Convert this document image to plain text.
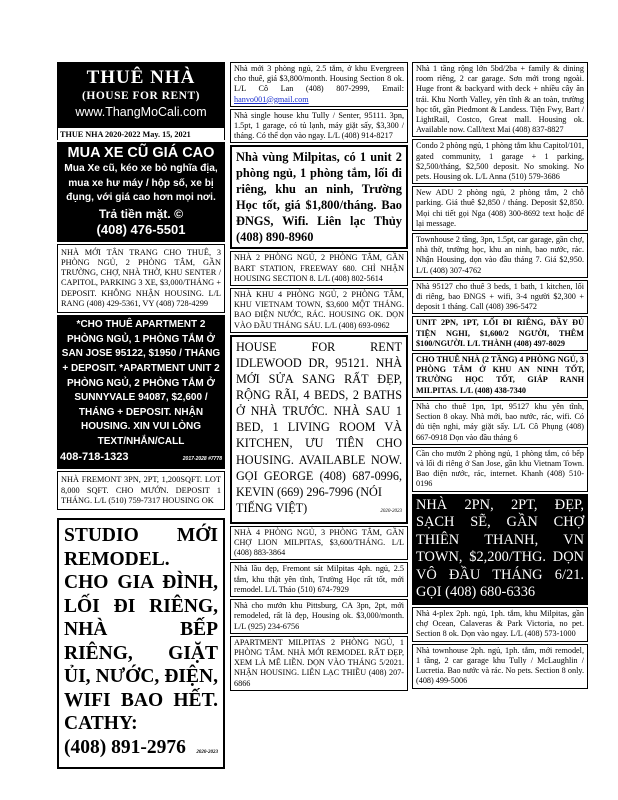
THUÊ NHÀ
(HOUSE FOR RENT)
www.ThangMoCali.com
THUE NHA 2020-2022 May. 15, 2021
MUA XE CŨ GIÁ CAO
Mua Xe cũ, kéo xe bỏ nghĩa địa, mua xe hư máy / hộp số, xe bị đụng, với giá cao hơn mọi nơi.
Trả tiền mặt. ©
(408) 476-5501
NHÀ MỚI TÂN TRANG CHO THUÊ, 3 PHÒNG NGỦ, 2 PHÒNG TẮM, GẦN TRƯỜNG, CHỢ, NHÀ THỜ, KHU SENTER / CAPITOL, PARKING 3 XE, $3,000/THÁNG + DEPOSIT. KHÔNG NHẬN HOUSING. L/L RANG (408) 429-5361, VY (408) 728-4299
*CHO THUÊ APARTMENT 2 PHÒNG NGỦ, 1 PHÒNG TẮM Ở SAN JOSE 95122, $1950 / THÁNG + DEPOSIT. *APARTMENT UNIT 2 PHÒNG NGỦ, 2 PHÒNG TẮM Ở SUNNYVALE 94087, $2,600 / THÁNG + DEPOSIT. NHẬN HOUSING. XIN VUI LÒNG TEXT/NHẮN/CALL
408-718-1323	2017-2028 #7778
NHÀ FREMONT 3PN, 2PT, 1,200SQFT. LOT 8,000 SQFT. CHO MƯỚN. DEPOSIT 1 THÁNG. L/L (510) 759-7317 HOUSING OK
STUDIO MỚI REMODEL. CHO GIA ĐÌNH, LỐI ĐI RIÊNG, NHÀ BẾP RIÊNG, GIẶT ỦI, NƯỚC, ĐIỆN, WIFI BAO HẾT. CATHY:
(408) 891-2976 2020-2023
Nhà mới 3 phòng ngủ, 2.5 tắm, ở khu Evergreen cho thuê, giá $3,800/month. Housing Section 8 ok. L/L Cô Lan (408) 807-2999, Email: hanvo001@gmail.com
Nhà single house khu Tully / Senter, 95111. 3pn, 1.5pt, 1 garage, có tủ lạnh, máy giặt sấy, $3,300 / tháng. Có thể dọn vào ngay. L/L (408) 914-8217
Nhà vùng Milpitas, có 1 unit 2 phòng ngủ, 1 phòng tắm, lối đi riêng, khu an ninh, Trường Học tốt, giá $1,800/tháng. Bao ĐNGS, Wifi. Liên lạc Thủy (408) 890-8960
NHÀ 2 PHÒNG NGỦ, 2 PHÒNG TẮM, GẦN BART STATION, FREEWAY 680. CHỈ NHẬN HOUSING SECTION 8. L/L (408) 802-5614
NHÀ KHU 4 PHÒNG NGỦ, 2 PHÒNG TẮM, KHU VIETNAM TOWN, $3,600 MỘT THÁNG. BAO ĐIỆN NƯỚC, RÁC. HOUSING OK. DỌN VÀO ĐẦU THÁNG SÁU. L/L (408) 693-0962
HOUSE FOR RENT IDLEWOOD DR, 95121. NHÀ MỚI SỬA SANG RẤT ĐẸP, RỘNG RÃI, 4 BEDS, 2 BATHS Ở NHÀ TRƯỚC. NHÀ SAU 1 BED, 1 LIVING ROOM VÀ KITCHEN, ƯU TIÊN CHO HOUSING. AVAILABLE NOW. GỌI GEORGE (408) 687-0996, KEVIN (669) 296-7996 (NÓI
TIẾNG VIỆT)	2020-2023
NHÀ 4 PHÒNG NGỦ, 3 PHÒNG TẮM, GẦN CHỢ LION MILPITAS, $3,600/THÁNG. L/L (408) 883-3864
Nhà lầu đẹp, Fremont sát Milpitas 4ph. ngủ, 2.5 tắm, khu thật yên tĩnh, Trường Học rất tốt, mới remodel. L/L Thảo (510) 674-7929
Nhà cho mướn khu Pittsburg, CA 3pn, 2pt, mới remodeled, rất là đẹp, Housing ok. $3,000/month. L/L (925) 234-6756
APARTMENT MILPITAS 2 PHÒNG NGỦ, 1 PHÒNG TẮM. NHÀ MỚI REMODEL RẤT ĐẸP, XEM LÀ MÊ LIỀN. DỌN VÀO THÁNG 5/2021. NHẬN HOUSING. LIÊN LẠC THIỀU (408) 207-6866
Nhà 1 tầng rộng lớn 5bd/2ba + family & dining room riêng, 2 car garage. Sơn mới trong ngoài. Huge front & backyard with deck + nhiều cây ăn trái. Khu North Valley, yên tĩnh & an toàn, trường học tốt, gần Piedmont & Landess. Tiện Fwy, Bart / LightRail, Costco, Great mall. Housing ok. Available now. Call/text Mai (408) 837-8827
Condo 2 phòng ngủ, 1 phòng tắm khu Capitol/101, gated community, 1 garage + 1 parking, $2,500/tháng, $2,500 deposit. No smoking. No pets. Housing ok. L/L Anna (510) 579-3686
New ADU 2 phòng ngủ, 2 phòng tắm, 2 chỗ parking. Giá thuê $2,850 / tháng. Deposit $2,850. Mọi chi tiết gọi Nga (408) 300-8692 text hoặc để lại message.
Townhouse 2 tầng, 3pn, 1.5pt, car garage, gần chợ, nhà thờ, trường học, khu an ninh, bao nước, rác. Nhận Housing, dọn vào đầu tháng 7. Giá $2,950. L/L (408) 307-4762
Nhà 95127 cho thuê 3 beds, 1 bath, 1 kitchen, lối đi riêng, bao ĐNGS + wifi, 3-4 người $2,300 + deposit 1 tháng. Call (408) 396-5472
UNIT 2PN, 1PT, LỐI ĐI RIÊNG, ĐẦY ĐỦ TIỆN NGHI, $1,600/2 NGƯỜI, THÊM $100/NGƯỜI. L/L THÀNH (408) 497-8029
CHO THUÊ NHÀ (2 TẦNG) 4 PHÒNG NGỦ, 3 PHÒNG TẮM Ở KHU AN NINH TỐT, TRƯỜNG HỌC TỐT, GIÁP RANH MILPITAS. L/L (408) 438-7340
Nhà cho thuê 1pn, 1pt, 95127 khu yên tĩnh, Section 8 okay. Nhà mới, bao nước, rác, wifi. Có đủ tiện nghi, máy giặt sấy. L/L Cô Phụng (408) 667-0918 Dọn vào đầu tháng 6
Cần cho mướn 2 phòng ngủ, 1 phòng tắm, có bếp và lối đi riêng ở San Jose, gần khu Vietnam Town. Bao điện nước, rác, internet. Khanh (408) 510-0196
NHÀ 2PN, 2PT, ĐẸP, SẠCH SẼ, GẦN CHỢ THIÊN THANH, VN TOWN, $2,200/THG. DỌN VÔ ĐẦU THÁNG 6/21. GỌI (408) 680-6336
Nhà 4-plex 2ph. ngủ, 1ph. tắm, khu Milpitas, gần chợ Ocean, Calaveras & Park Victoria, no pet. Section 8 ok. Dọn vào ngay. L/L (408) 573-1000
Nhà townhouse 2ph. ngủ, 1ph. tắm, mới remodel, 1 tầng, 2 car garage khu Tully / McLaughlin / Lucretia. Bao nước và rác. No pets. Section 8 only. (408) 499-5006
